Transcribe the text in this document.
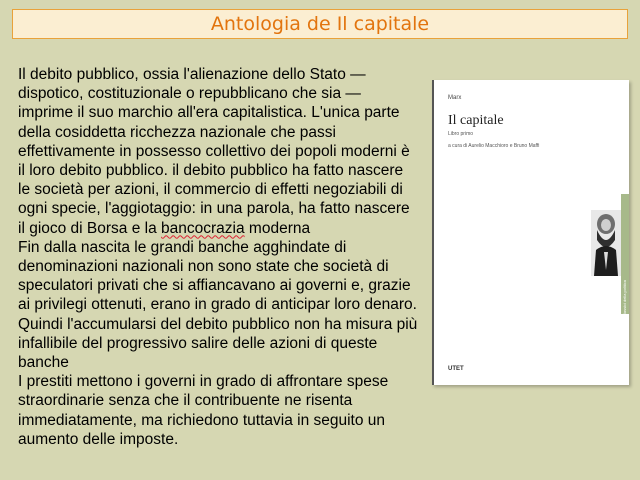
Antologia de Il capitale

Il debito pubblico, ossia l'alienazione dello Stato — dispotico, costituzionale o repubblicano che sia — imprime il suo marchio all'era capitalistica. L'unica parte della cosiddetta ricchezza nazionale che passi effettivamente in possesso collettivo dei popoli moderni è il loro debito pubblico. il debito pubblico ha fatto nascere le società per azioni, il commercio di effetti negoziabili di ogni specie, l'aggiotaggio: in una parola, ha fatto nascere il gioco di Borsa e la bancocrazia moderna

Fin dalla nascita le grandi banche agghindate di denominazioni nazionali non sono state che società di speculatori privati che si affiancavano ai governi e, grazie ai privilegi ottenuti, erano in grado di anticipar loro denaro. Quindi l'accumularsi del debito pubblico non ha misura più infallibile del progressivo salire delle azioni di queste banche

I prestiti mettono i governi in grado di affrontare spese straordinarie senza che il contribuente ne risenta immediatamente, ma richiedono tuttavia in seguito un aumento delle imposte.

Marx
Il capitale
Libro primo
a cura di Aurelio Macchioro e Bruno Maffi
Classici della politica
UTET
